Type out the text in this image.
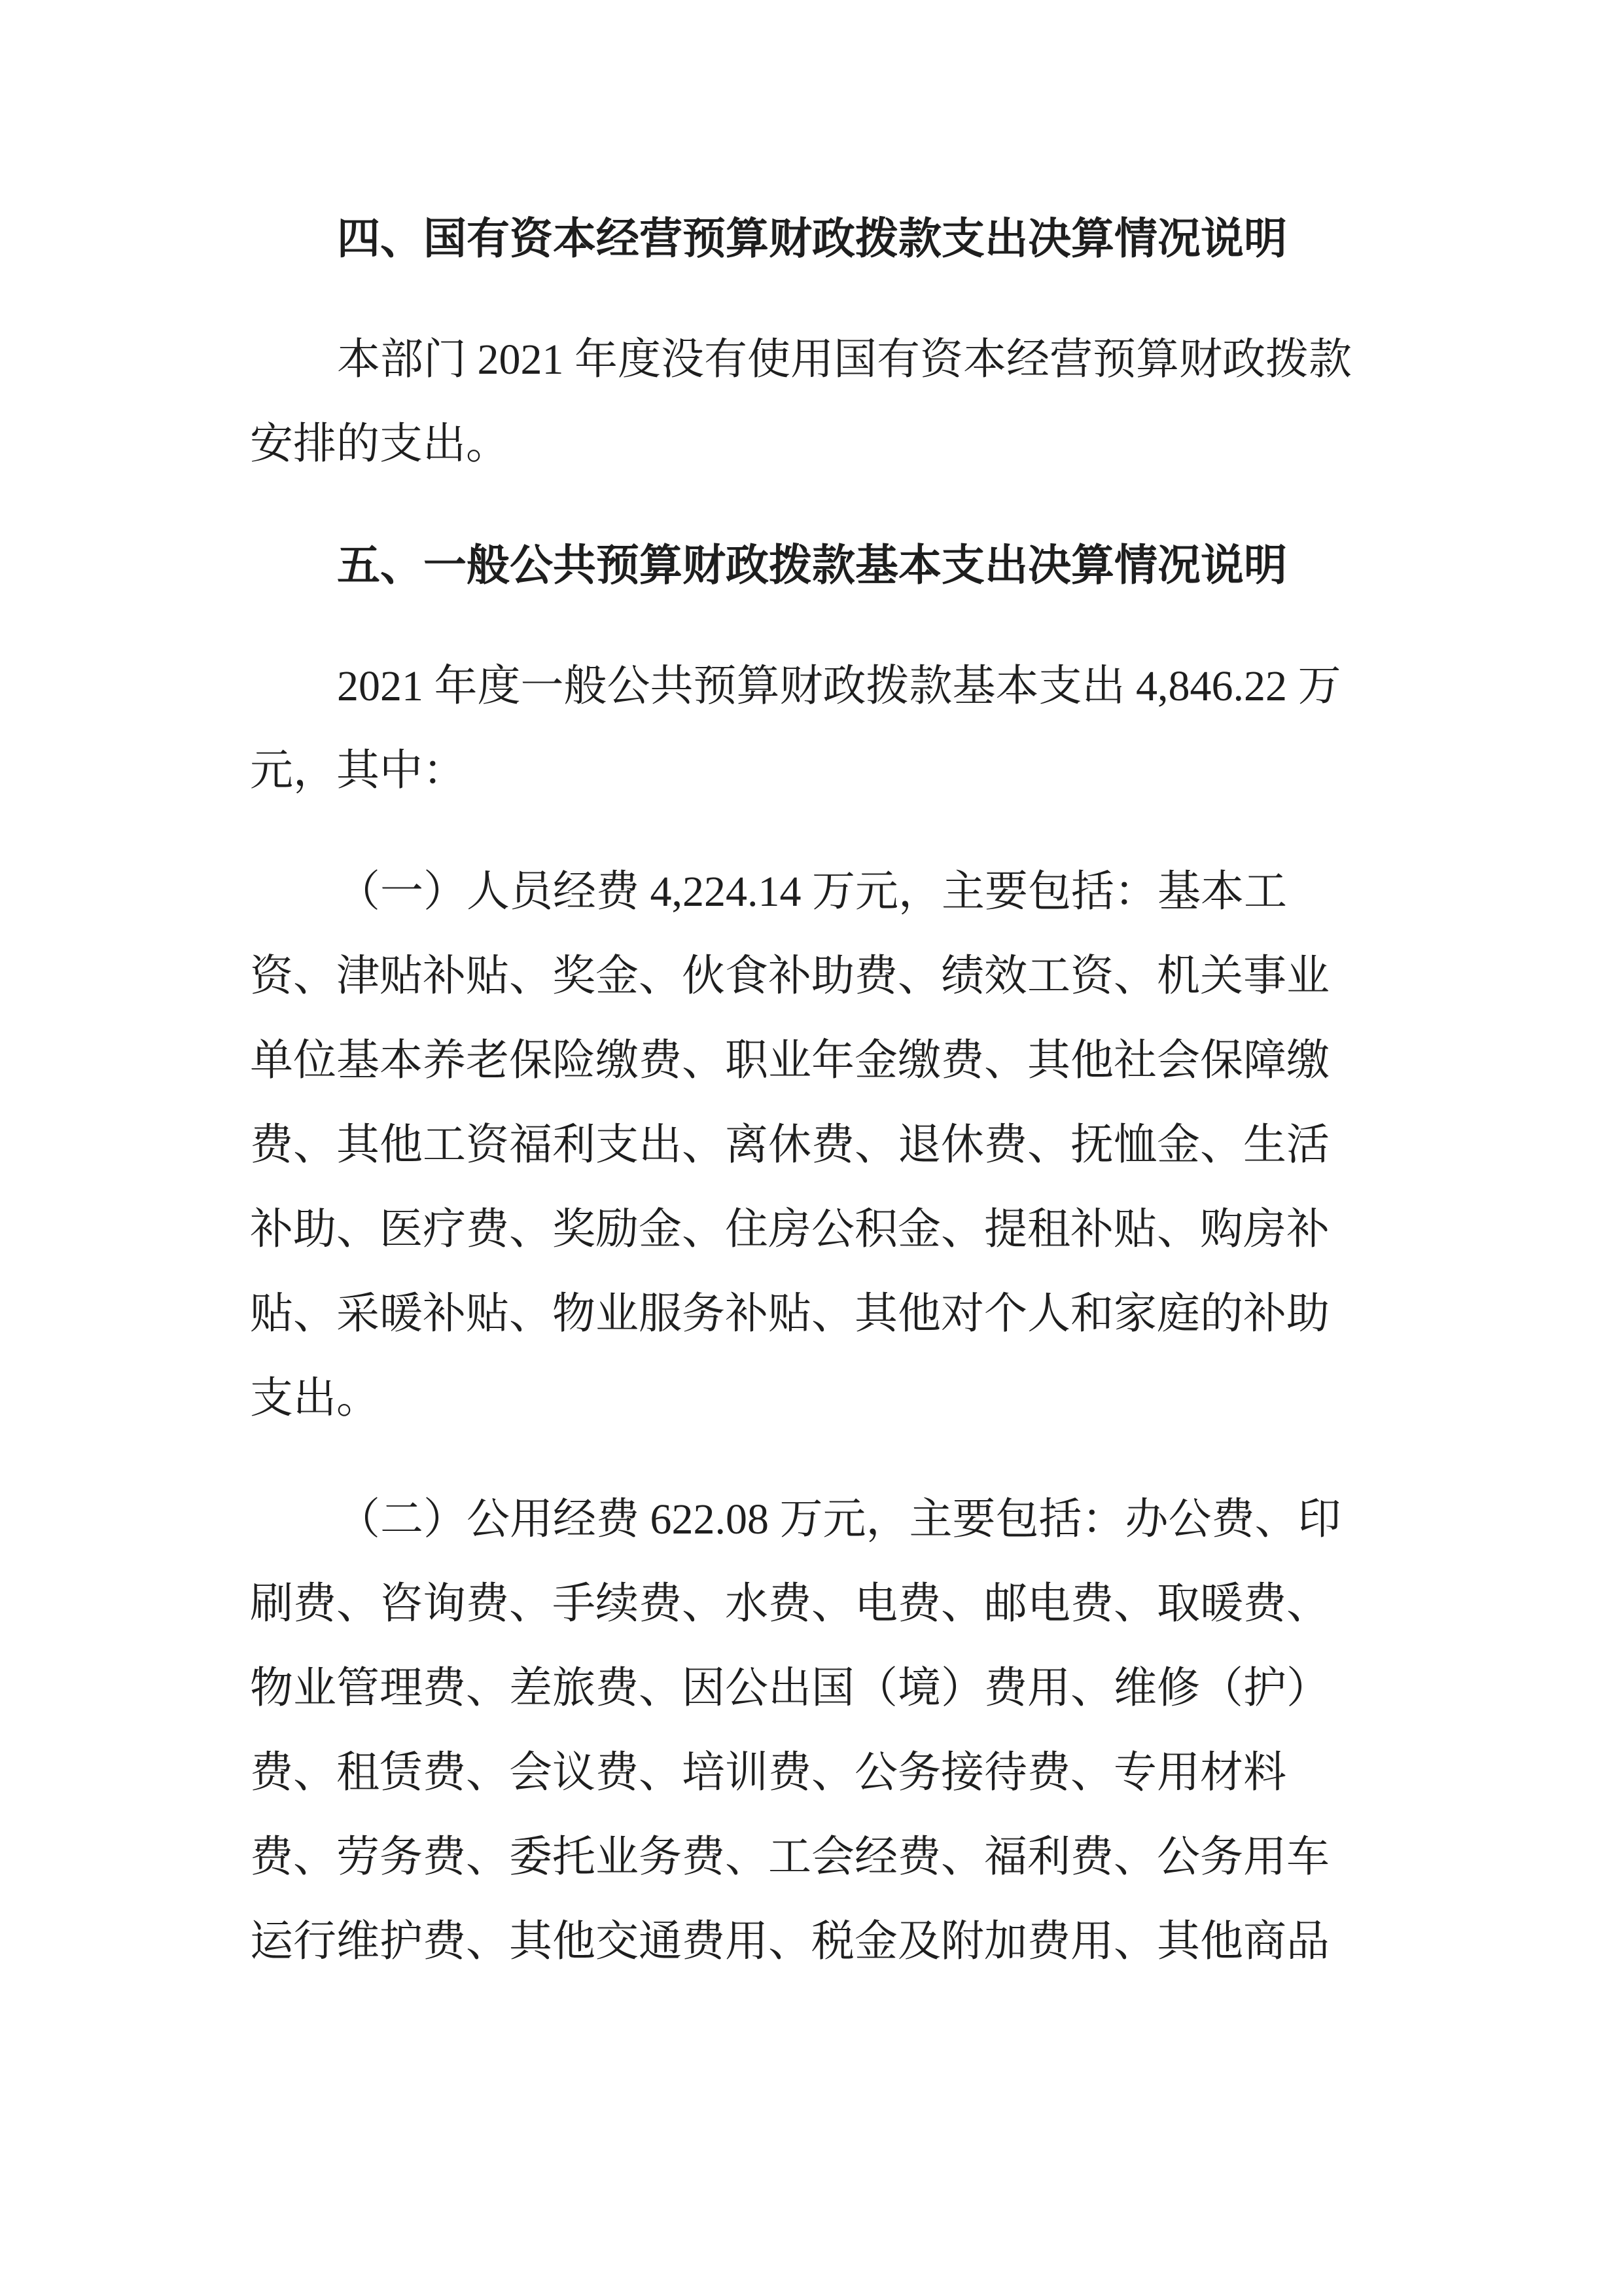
四、国有资本经营预算财政拨款支出决算情况说明
本部门 2021 年度没有使用国有资本经营预算财政拨款
安排的支出。
五、一般公共预算财政拨款基本支出决算情况说明
2021 年度一般公共预算财政拨款基本支出 4,846.22 万
元，其中：
（一）人员经费 4,224.14 万元，主要包括：基本工
资、津贴补贴、奖金、伙食补助费、绩效工资、机关事业
单位基本养老保险缴费、职业年金缴费、其他社会保障缴
费、其他工资福利支出、离休费、退休费、抚恤金、生活
补助、医疗费、奖励金、住房公积金、提租补贴、购房补
贴、采暖补贴、物业服务补贴、其他对个人和家庭的补助
支出。
（二）公用经费 622.08 万元，主要包括：办公费、印
刷费、咨询费、手续费、水费、电费、邮电费、取暖费、
物业管理费、差旅费、因公出国（境）费用、维修（护）
费、租赁费、会议费、培训费、公务接待费、专用材料
费、劳务费、委托业务费、工会经费、福利费、公务用车
运行维护费、其他交通费用、税金及附加费用、其他商品
